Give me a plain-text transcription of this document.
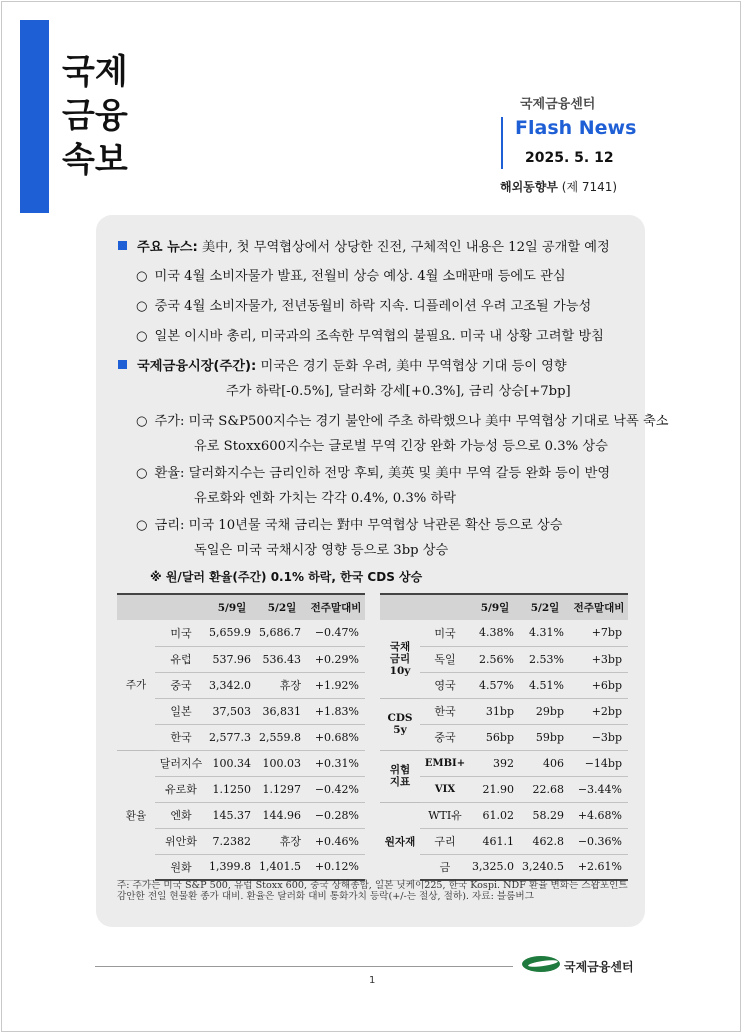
국제
금융
속보
국제금융센터
Flash News
2025. 5. 12
해외동향부 (제 7141)
주요 뉴스: 美中, 첫 무역협상에서 상당한 진전, 구체적인 내용은 12일 공개할 예정
○ 미국 4월 소비자물가 발표, 전월비 상승 예상. 4월 소매판매 등에도 관심
○ 중국 4월 소비자물가, 전년동월비 하락 지속. 디플레이션 우려 고조될 가능성
○ 일본 이시바 총리, 미국과의 조속한 무역협의 불필요. 미국 내 상황 고려할 방침
국제금융시장(주간): 미국은 경기 둔화 우려, 美中 무역협상 기대 등이 영향
주가 하락[-0.5%], 달러화 강세[+0.3%], 금리 상승[+7bp]
○ 주가: 미국 S&P500지수는 경기 불안에 주초 하락했으나 美中 무역협상 기대로 낙폭 축소
유로 Stoxx600지수는 글로벌 무역 긴장 완화 가능성 등으로 0.3% 상승
○ 환율: 달러화지수는 금리인하 전망 후퇴, 美英 및 美中 무역 갈등 완화 등이 반영
유로화와 엔화 가치는 각각 0.4%, 0.3% 하락
○ 금리: 미국 10년물 국채 금리는 對中 무역협상 낙관론 확산 등으로 상승
독일은 미국 국채시장 영향 등으로 3bp 상승
※ 원/달러 환율(주간) 0.1% 하락, 한국 CDS 상승
		5/9일	5/2일	전주말대비
주가	미국	5,659.9	5,686.7	−0.47%
	유럽	537.96	536.43	+0.29%
	중국	3,342.0	휴장	+1.92%
	일본	37,503	36,831	+1.83%
	한국	2,577.3	2,559.8	+0.68%
환율	달러지수	100.34	100.03	+0.31%
	유로화	1.1250	1.1297	−0.42%
	엔화	145.37	144.96	−0.28%
	위안화	7.2382	휴장	+0.46%
	원화	1,399.8	1,401.5	+0.12%
		5/9일	5/2일	전주말대비
국채
금리
10y	미국	4.38%	4.31%	+7bp
	독일	2.56%	2.53%	+3bp
	영국	4.57%	4.51%	+6bp
CDS
5y	한국	31bp	29bp	+2bp
	중국	56bp	59bp	−3bp
위험
지표	EMBI+	392	406	−14bp
	VIX	21.90	22.68	−3.44%
원자재	WTI유	61.02	58.29	+4.68%
	구리	461.1	462.8	−0.36%
	금	3,325.0	3,240.5	+2.61%
주: 주가는 미국 S&P 500, 유럽 Stoxx 600, 중국 상해종합, 일본 닛케이225, 한국 Kospi. NDF 환율 변화는 스왑포인트 감안한 전일 현물환 종가 대비. 환율은 달러화 대비 통화가치 등락(+/-는 절상, 절하). 자료: 블룸버그
국제금융센터
1
